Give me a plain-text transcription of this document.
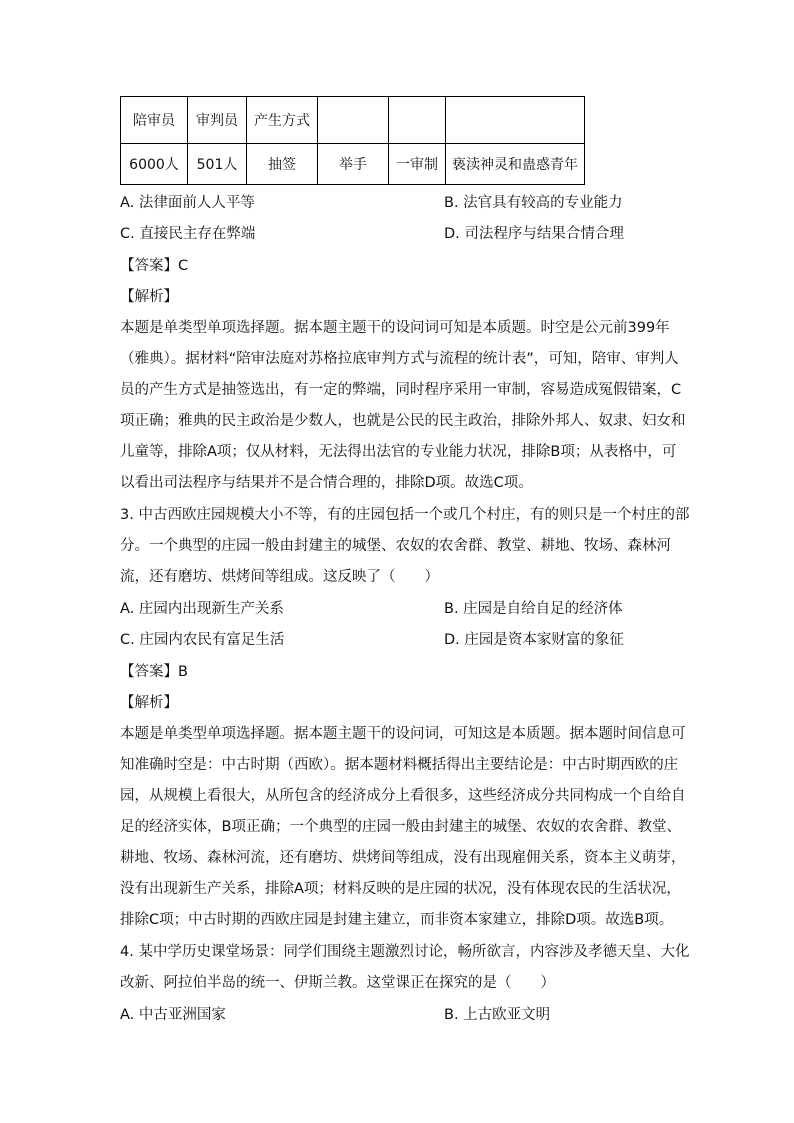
陪审员	审判员	产生方式			
6000人	501人	抽签	举手	一审制	亵渎神灵和蛊惑青年
A. 法律面前人人平等	B. 法官具有较高的专业能力
C. 直接民主存在弊端	D. 司法程序与结果合情合理
【答案】C
【解析】
本题是单类型单项选择题。据本题主题干的设问词可知是本质题。时空是公元前399年
（雅典）。据材料“陪审法庭对苏格拉底审判方式与流程的统计表”，可知，陪审、审判人
员的产生方式是抽签选出，有一定的弊端，同时程序采用一审制，容易造成冤假错案，C
项正确；雅典的民主政治是少数人，也就是公民的民主政治，排除外邦人、奴隶、妇女和
儿童等，排除A项；仅从材料，无法得出法官的专业能力状况，排除B项；从表格中，可
以看出司法程序与结果并不是合情合理的，排除D项。故选C项。
3. 中古西欧庄园规模大小不等，有的庄园包括一个或几个村庄，有的则只是一个村庄的部
分。一个典型的庄园一般由封建主的城堡、农奴的农舍群、教堂、耕地、牧场、森林河
流，还有磨坊、烘烤间等组成。这反映了（　　）
A. 庄园内出现新生产关系	B. 庄园是自给自足的经济体
C. 庄园内农民有富足生活	D. 庄园是资本家财富的象征
【答案】B
【解析】
本题是单类型单项选择题。据本题主题干的设问词，可知这是本质题。据本题时间信息可
知准确时空是：中古时期（西欧）。据本题材料概括得出主要结论是：中古时期西欧的庄
园，从规模上看很大，从所包含的经济成分上看很多，这些经济成分共同构成一个自给自
足的经济实体，B项正确；一个典型的庄园一般由封建主的城堡、农奴的农舍群、教堂、
耕地、牧场、森林河流，还有磨坊、烘烤间等组成，没有出现雇佣关系，资本主义萌芽，
没有出现新生产关系，排除A项；材料反映的是庄园的状况，没有体现农民的生活状况，
排除C项；中古时期的西欧庄园是封建主建立，而非资本家建立，排除D项。故选B项。
4. 某中学历史课堂场景：同学们围绕主题激烈讨论，畅所欲言，内容涉及孝德天皇、大化
改新、阿拉伯半岛的统一、伊斯兰教。这堂课正在探究的是（　　）
A. 中古亚洲国家	B. 上古欧亚文明
